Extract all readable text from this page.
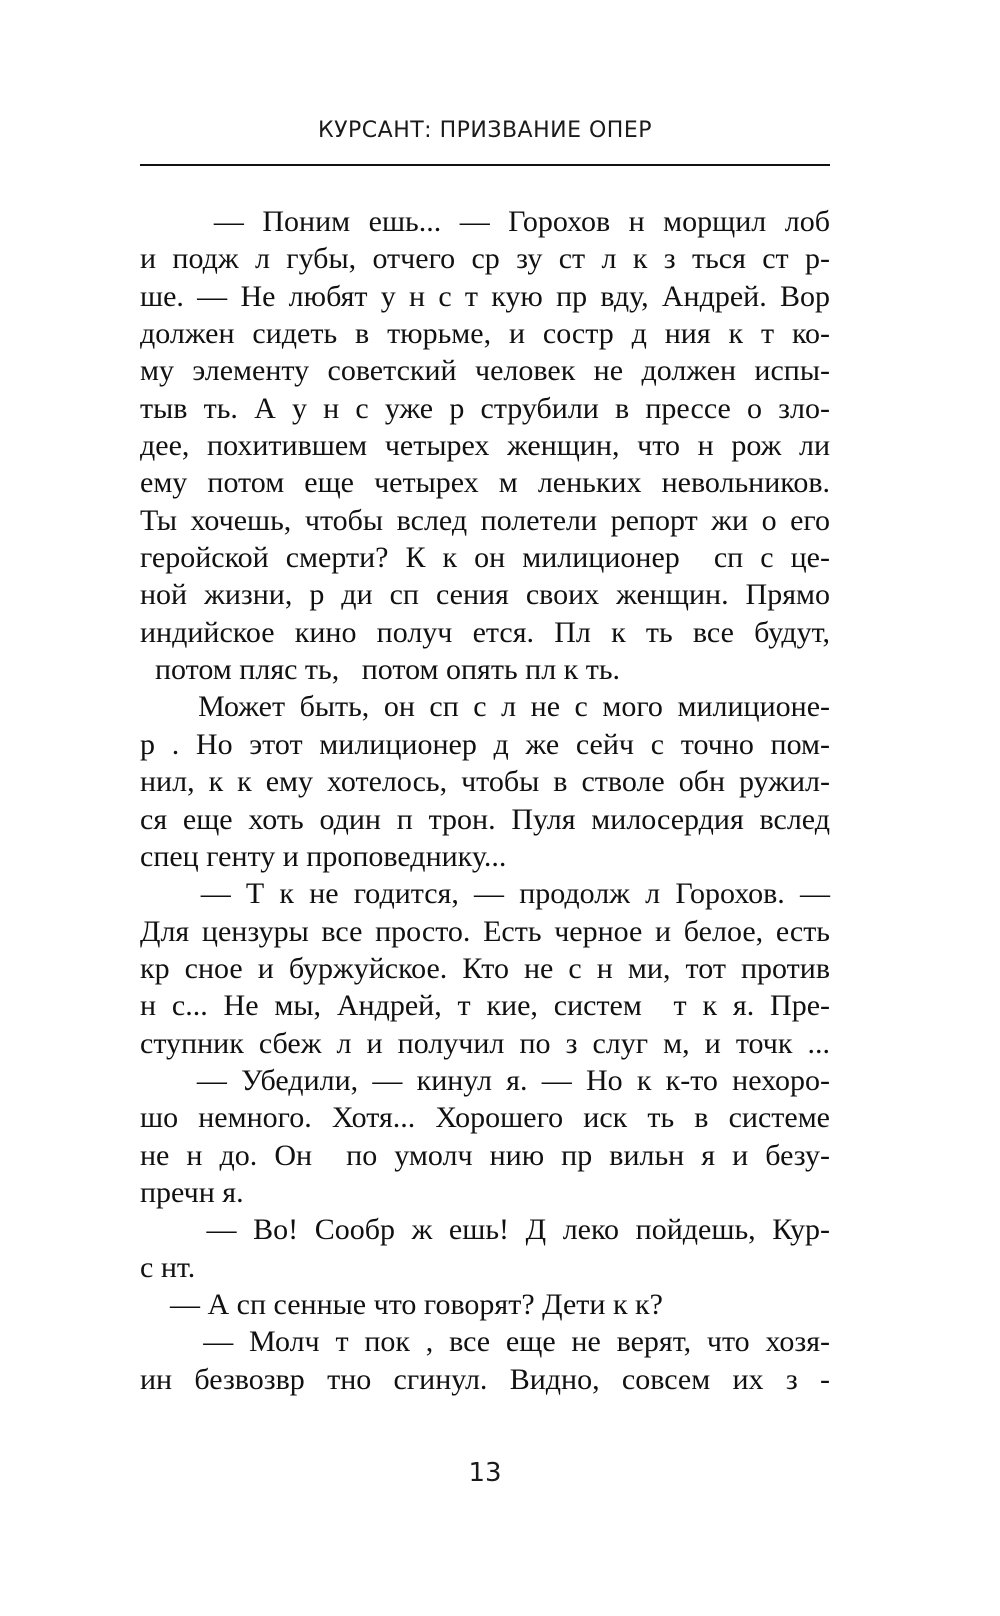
КУРСАНТ: ПРИЗВАНИЕ ОПЕР
— Поним ешь... — Горохов н морщил лоб
и подж л губы, отчего ср зу ст л к з ться ст р-
ше. — Не любят у н с т кую пр вду, Андрей. Вор
должен сидеть в тюрьме, и состр д ния к т ко-
му элементу советский человек не должен испы-
тыв ть. А у н с уже р струбили в прессе о зло-
дее, похитившем четырех женщин, что н рож ли
ему потом еще четырех м леньких невольников.
Ты хочешь, чтобы вслед полетели репорт жи о его
геройской смерти? К к он милиционер  сп с це-
ной жизни, р ди сп сения своих женщин. Прямо
индийское кино получ ется. Пл к ть все будут,
потом пляс ть,   потом опять пл к ть.
Может быть, он сп с л не с мого милиционе-
р . Но этот милиционер д же сейч с точно пом-
нил, к к ему хотелось, чтобы в стволе обн ружил-
ся еще хоть один п трон. Пуля милосердия вслед
спец генту и проповеднику...
— Т к не годится, — продолж л Горохов. —
Для цензуры все просто. Есть черное и белое, есть
кр сное и буржуйское. Кто не с н ми, тот против
н с... Не мы, Андрей, т кие, систем  т к я. Пре-
ступник сбеж л и получил по з слуг м, и точк ...
— Убедили, — кинул я. — Но к к-то нехоро-
шо немного. Хотя... Хорошего иск ть в системе
не н до. Он  по умолч нию пр вильн я и безу-
пречн я.
— Во! Сообр ж ешь! Д леко пойдешь, Кур-
с нт.
— А сп сенные что говорят? Дети к к?
— Молч т пок , все еще не верят, что хозя-
ин безвозвр тно сгинул. Видно, совсем их з -
13
